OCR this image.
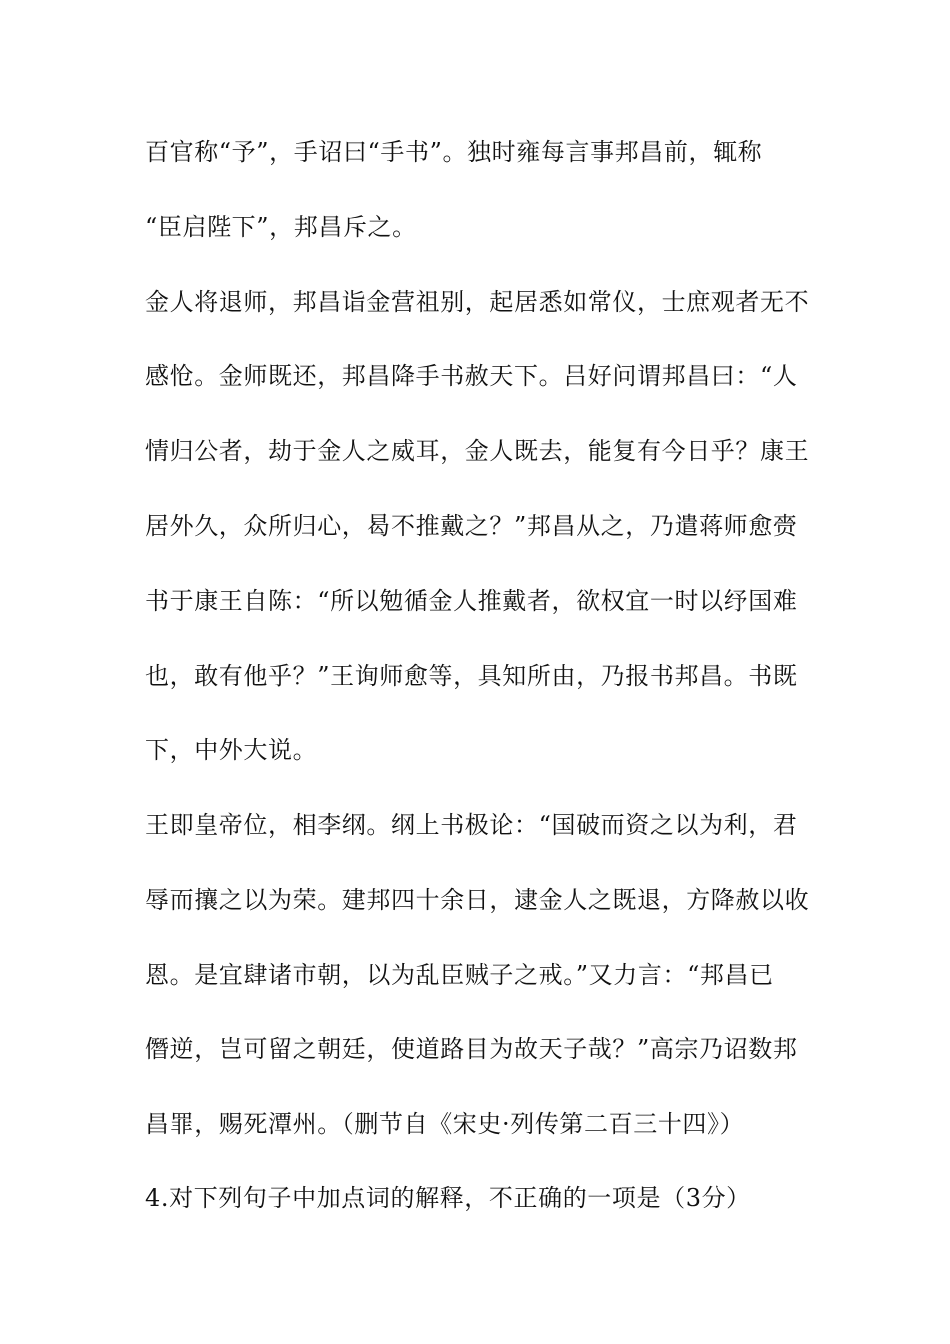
百官称“予”，手诏曰“手书”。独时雍每言事邦昌前，辄称
“臣启陛下”，邦昌斥之。
金人将退师，邦昌诣金营祖别，起居悉如常仪，士庶观者无不
感怆。金师既还，邦昌降手书赦天下。吕好问谓邦昌曰：“人
情归公者，劫于金人之威耳，金人既去，能复有今日乎？康王
居外久，众所归心，曷不推戴之？”邦昌从之，乃遣蒋师愈赍
书于康王自陈：“所以勉循金人推戴者，欲权宜一时以纾国难
也，敢有他乎？”王询师愈等，具知所由，乃报书邦昌。书既
下，中外大说。
王即皇帝位，相李纲。纲上书极论：“国破而资之以为利，君
辱而攘之以为荣。建邦四十余日，逮金人之既退，方降赦以收
恩。是宜肆诸市朝，以为乱臣贼子之戒。”又力言：“邦昌已
僭逆，岂可留之朝廷，使道路目为故天子哉？”高宗乃诏数邦
昌罪，赐死潭州。（删节自《宋史·列传第二百三十四》）
4.对下列句子中加点词的解释，不正确的一项是（3分）
